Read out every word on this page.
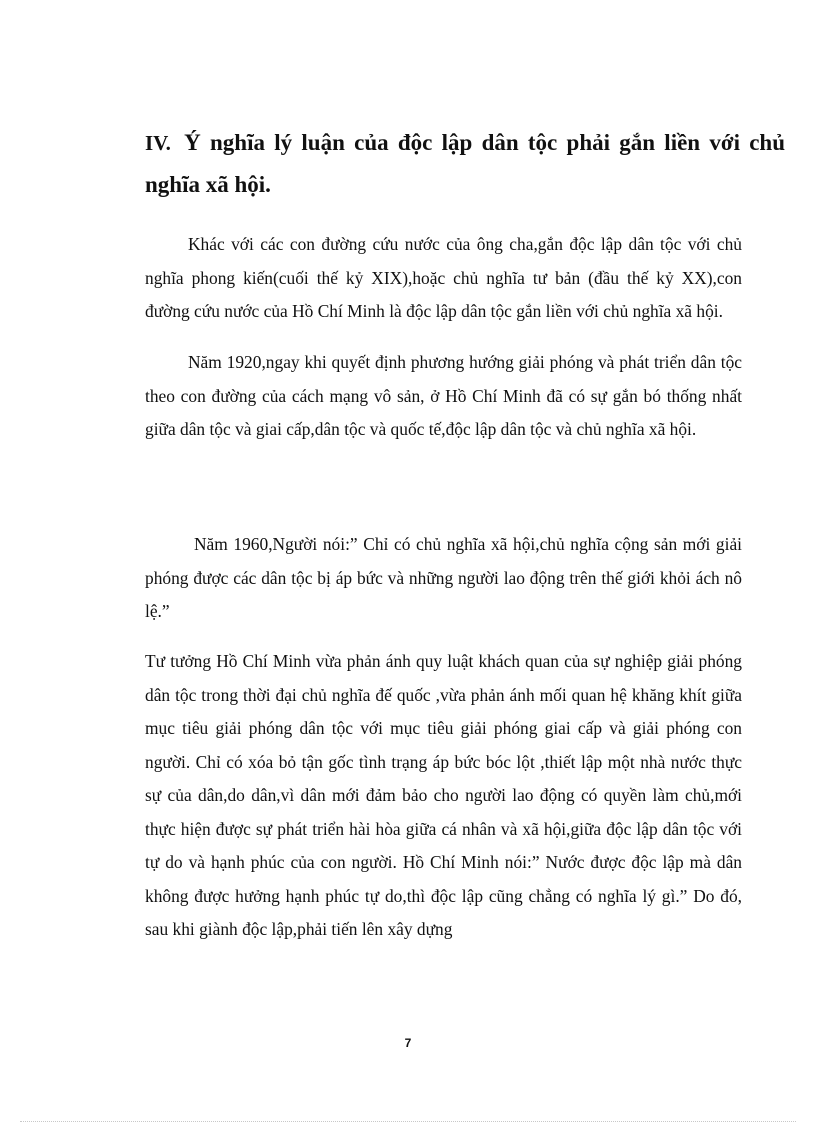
IV. Ý nghĩa lý luận của độc lập dân tộc phải gắn liền với chủ nghĩa xã hội.

Khác với các con đường cứu nước của ông cha,gắn độc lập dân tộc với chủ nghĩa phong kiến(cuối thế kỷ XIX),hoặc chủ nghĩa tư bản (đầu thế kỷ XX),con đường cứu nước của Hồ Chí Minh là độc lập dân tộc gắn liền với chủ nghĩa xã hội.

Năm 1920,ngay khi quyết định phương hướng giải phóng và phát triển dân tộc theo con đường của cách mạng vô sản, ở Hồ Chí Minh đã có sự gắn bó thống nhất giữa dân tộc và giai cấp,dân tộc và quốc tế,độc lập dân tộc và chủ nghĩa xã hội.

Năm 1960,Người nói:” Chỉ có chủ nghĩa xã hội,chủ nghĩa cộng sản mới giải phóng được các dân tộc bị áp bức và những người lao động trên thế giới khỏi ách nô lệ.”

Tư tưởng Hồ Chí Minh vừa phản ánh quy luật khách quan của sự nghiệp giải phóng dân tộc trong thời đại chủ nghĩa đế quốc ,vừa phản ánh mối quan hệ khăng khít giữa mục tiêu giải phóng dân tộc với mục tiêu giải phóng giai cấp và giải phóng con người. Chỉ có xóa bỏ tận gốc tình trạng áp bức bóc lột ,thiết lập một nhà nước thực sự của dân,do dân,vì dân mới đảm bảo cho người lao động có quyền làm chủ,mới thực hiện được sự phát triển hài hòa giữa cá nhân và xã hội,giữa độc lập dân tộc với tự do và hạnh phúc của con người. Hồ Chí Minh nói:” Nước được độc lập mà dân không được hưởng hạnh phúc tự do,thì độc lập cũng chẳng có nghĩa lý gì.” Do đó, sau khi giành độc lập,phải tiến lên xây dựng

7
